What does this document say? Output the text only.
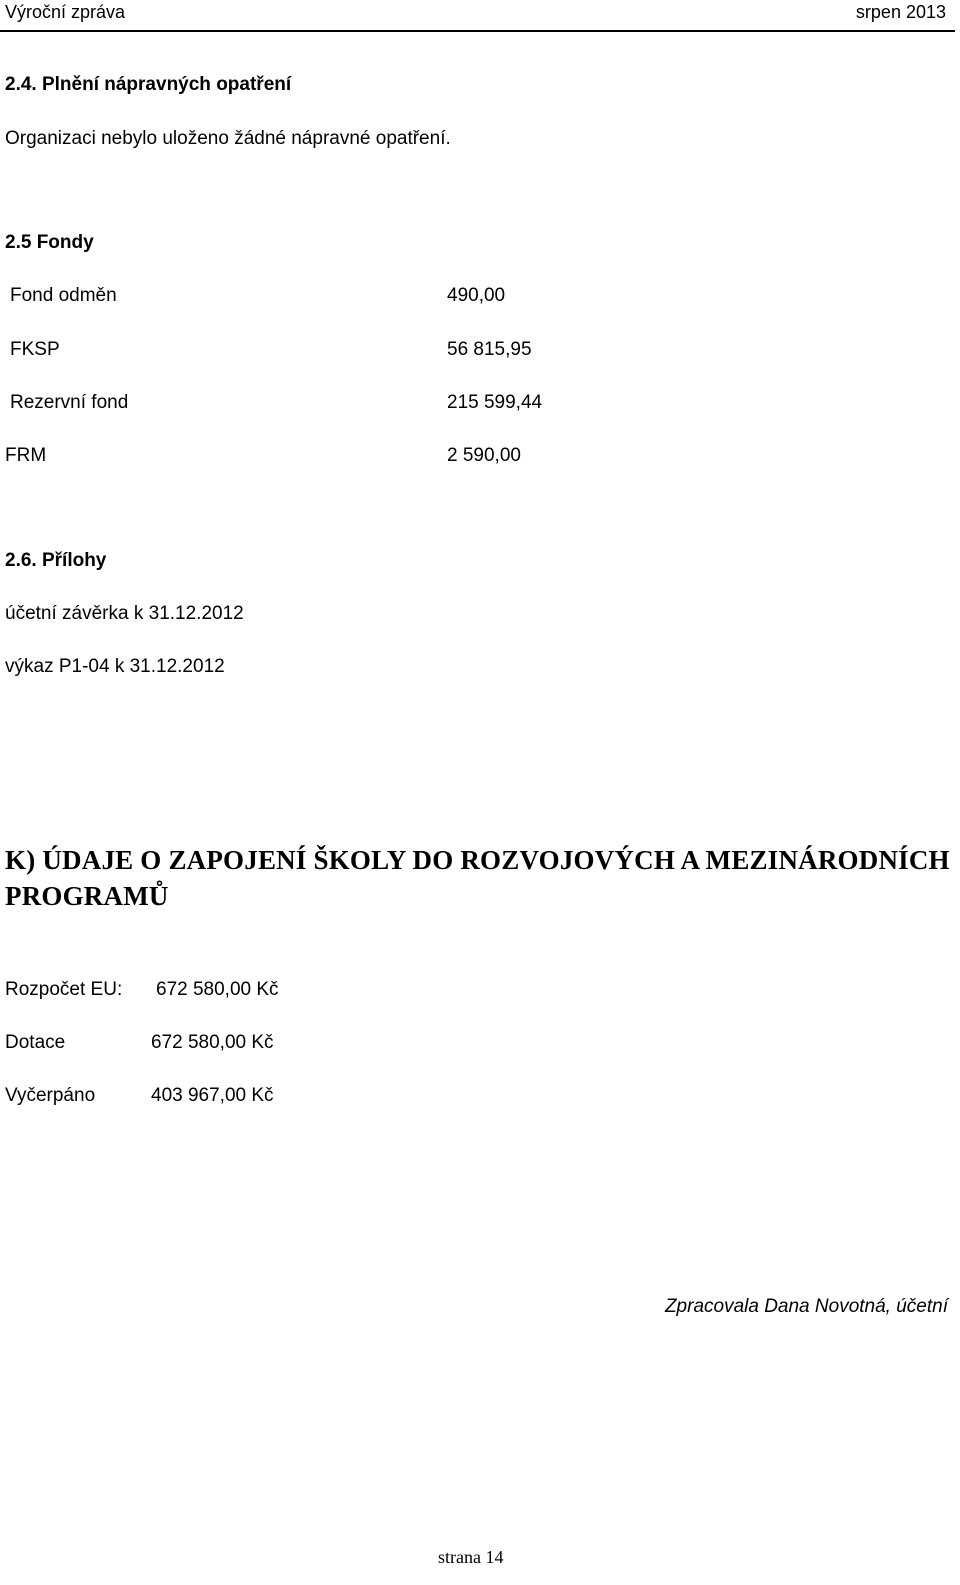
Výroční zpráva	srpen 2013
2.4. Plnění nápravných opatření
Organizaci nebylo uloženo žádné nápravné opatření.
2.5 Fondy
Fond odměn	490,00
FKSP	56 815,95
Rezervní fond	215 599,44
FRM	2 590,00
2.6. Přílohy
účetní závěrka k 31.12.2012
výkaz P1-04 k 31.12.2012
K) ÚDAJE O ZAPOJENÍ ŠKOLY DO ROZVOJOVÝCH A MEZINÁRODNÍCH
PROGRAMŮ
Rozpočet EU: 672 580,00 Kč
Dotace	672 580,00 Kč
Vyčerpáno	403 967,00 Kč
Zpracovala Dana Novotná, účetní
strana 14
